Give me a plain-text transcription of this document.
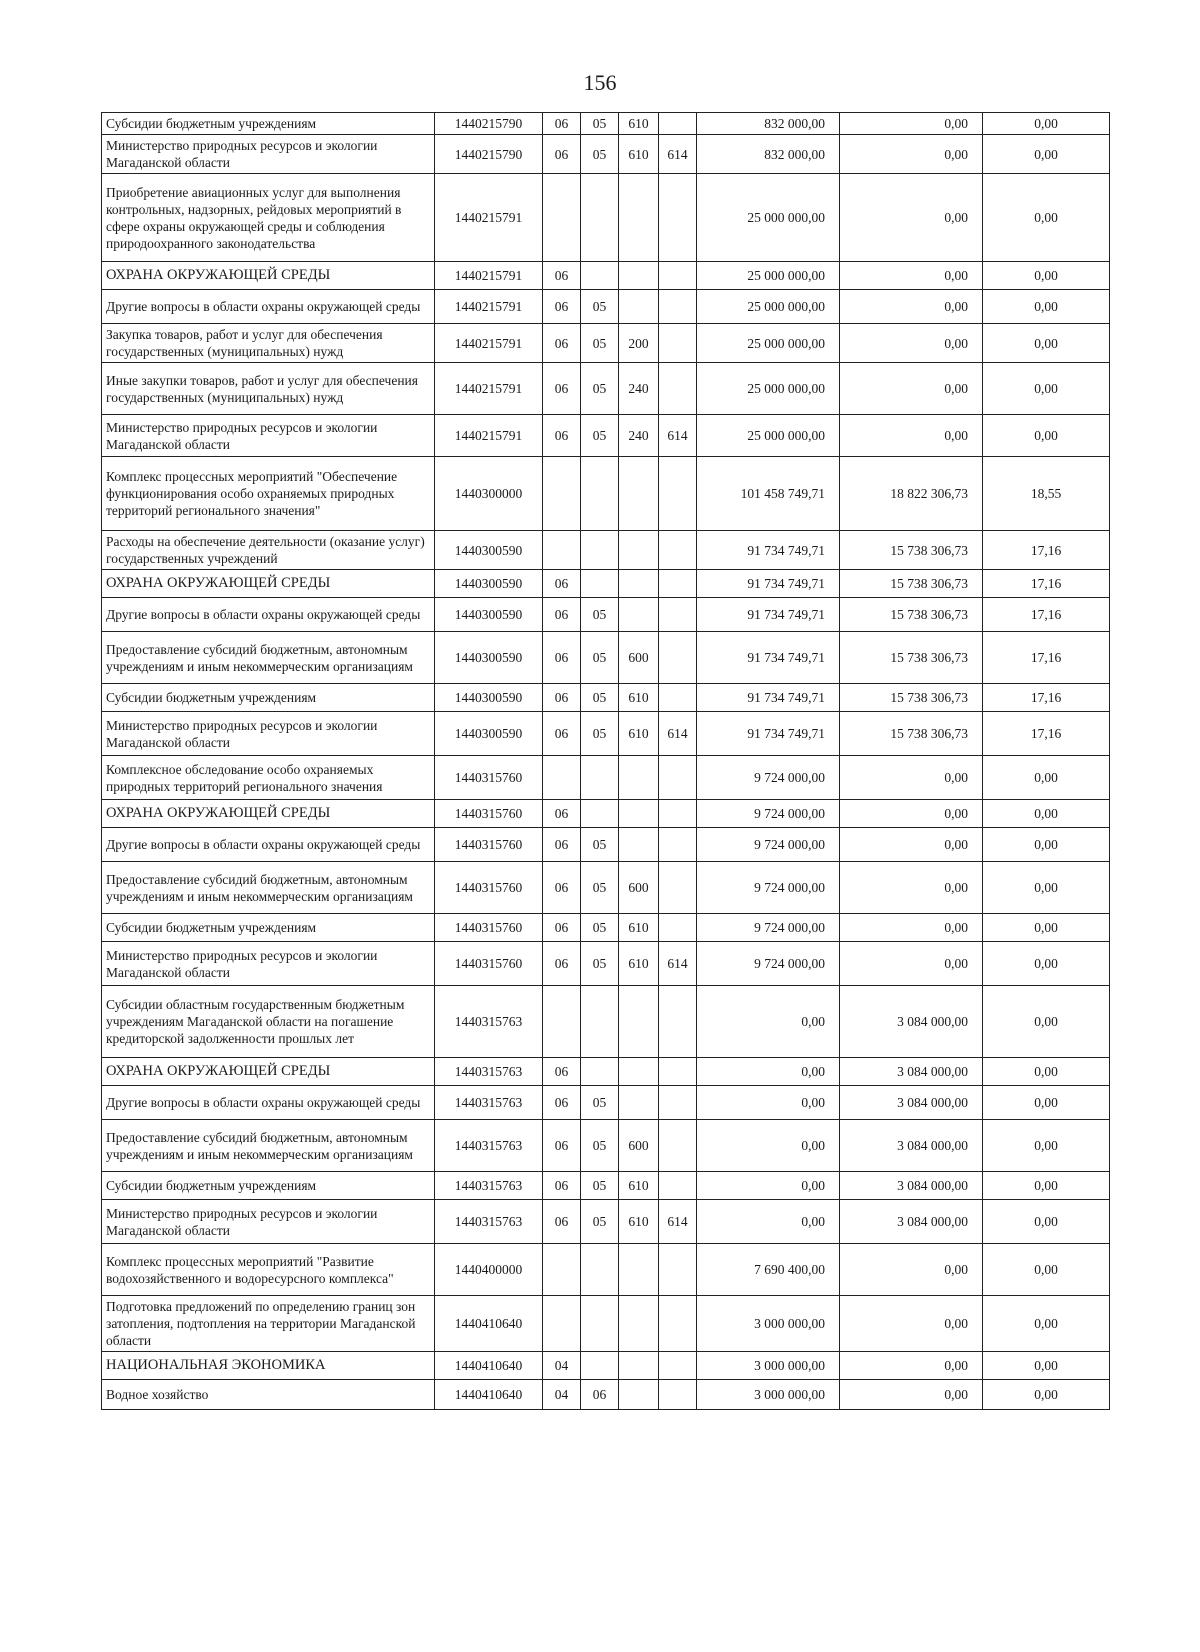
156
Субсидии бюджетным учреждениям	1440215790	06	05	610		832 000,00	0,00	0,00
Министерство природных ресурсов и экологии Магаданской области	1440215790	06	05	610	614	832 000,00	0,00	0,00
Приобретение авиационных услуг для выполнения контрольных, надзорных, рейдовых мероприятий в сфере охраны окружающей среды и соблюдения природоохранного законодательства	1440215791					25 000 000,00	0,00	0,00
ОХРАНА ОКРУЖАЮЩЕЙ СРЕДЫ	1440215791	06				25 000 000,00	0,00	0,00
Другие вопросы в области охраны окружающей среды	1440215791	06	05			25 000 000,00	0,00	0,00
Закупка товаров, работ и услуг для обеспечения государственных (муниципальных) нужд	1440215791	06	05	200		25 000 000,00	0,00	0,00
Иные закупки товаров, работ и услуг для обеспечения государственных (муниципальных) нужд	1440215791	06	05	240		25 000 000,00	0,00	0,00
Министерство природных ресурсов и экологии Магаданской области	1440215791	06	05	240	614	25 000 000,00	0,00	0,00
Комплекс процессных мероприятий "Обеспечение функционирования особо охраняемых природных территорий регионального значения"	1440300000					101 458 749,71	18 822 306,73	18,55
Расходы на обеспечение деятельности (оказание услуг) государственных учреждений	1440300590					91 734 749,71	15 738 306,73	17,16
ОХРАНА ОКРУЖАЮЩЕЙ СРЕДЫ	1440300590	06				91 734 749,71	15 738 306,73	17,16
Другие вопросы в области охраны окружающей среды	1440300590	06	05			91 734 749,71	15 738 306,73	17,16
Предоставление субсидий бюджетным, автономным учреждениям и иным некоммерческим организациям	1440300590	06	05	600		91 734 749,71	15 738 306,73	17,16
Субсидии бюджетным учреждениям	1440300590	06	05	610		91 734 749,71	15 738 306,73	17,16
Министерство природных ресурсов и экологии Магаданской области	1440300590	06	05	610	614	91 734 749,71	15 738 306,73	17,16
Комплексное обследование особо охраняемых природных территорий регионального значения	1440315760					9 724 000,00	0,00	0,00
ОХРАНА ОКРУЖАЮЩЕЙ СРЕДЫ	1440315760	06				9 724 000,00	0,00	0,00
Другие вопросы в области охраны окружающей среды	1440315760	06	05			9 724 000,00	0,00	0,00
Предоставление субсидий бюджетным, автономным учреждениям и иным некоммерческим организациям	1440315760	06	05	600		9 724 000,00	0,00	0,00
Субсидии бюджетным учреждениям	1440315760	06	05	610		9 724 000,00	0,00	0,00
Министерство природных ресурсов и экологии Магаданской области	1440315760	06	05	610	614	9 724 000,00	0,00	0,00
Субсидии областным государственным бюджетным учреждениям Магаданской области на погашение кредиторской задолженности прошлых лет	1440315763					0,00	3 084 000,00	0,00
ОХРАНА ОКРУЖАЮЩЕЙ СРЕДЫ	1440315763	06				0,00	3 084 000,00	0,00
Другие вопросы в области охраны окружающей среды	1440315763	06	05			0,00	3 084 000,00	0,00
Предоставление субсидий бюджетным, автономным учреждениям и иным некоммерческим организациям	1440315763	06	05	600		0,00	3 084 000,00	0,00
Субсидии бюджетным учреждениям	1440315763	06	05	610		0,00	3 084 000,00	0,00
Министерство природных ресурсов и экологии Магаданской области	1440315763	06	05	610	614	0,00	3 084 000,00	0,00
Комплекс процессных мероприятий "Развитие водохозяйственного и водоресурсного комплекса"	1440400000					7 690 400,00	0,00	0,00
Подготовка предложений по определению границ зон затопления, подтопления на территории Магаданской области	1440410640					3 000 000,00	0,00	0,00
НАЦИОНАЛЬНАЯ ЭКОНОМИКА	1440410640	04				3 000 000,00	0,00	0,00
Водное хозяйство	1440410640	04	06			3 000 000,00	0,00	0,00
